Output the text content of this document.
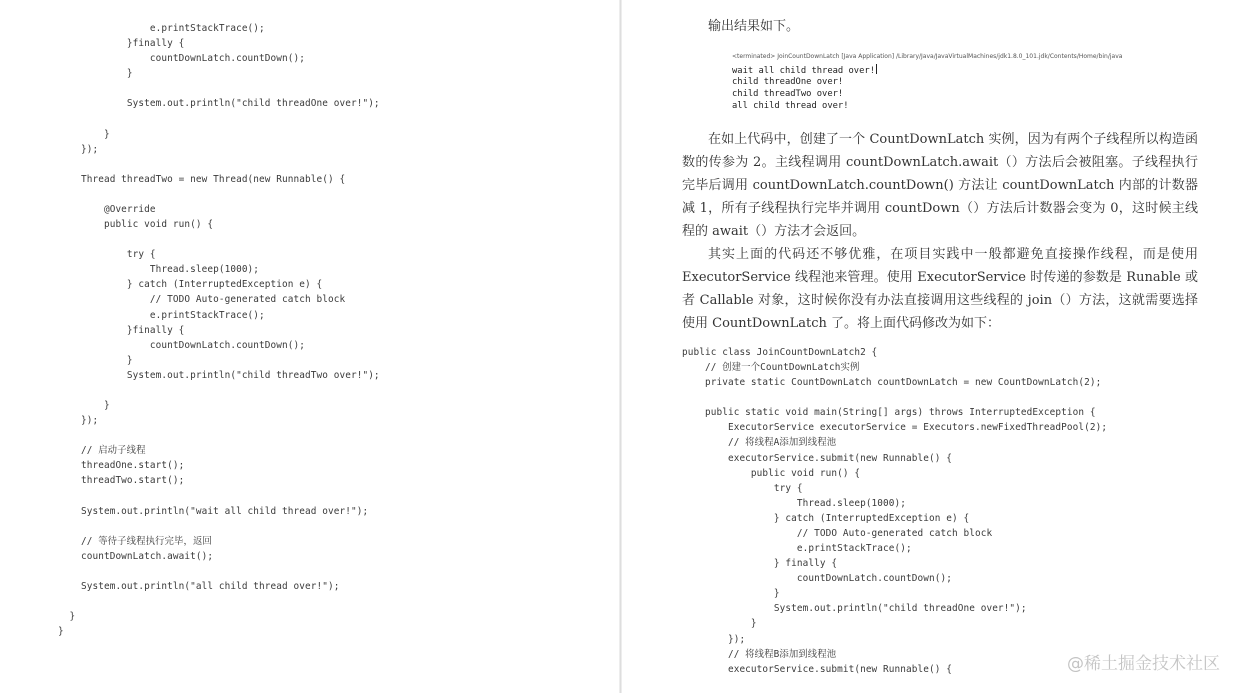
e.printStackTrace();
}finally {
countDownLatch.countDown();
}
System.out.println("child threadOne over!");
}
});
Thread threadTwo = new Thread(new Runnable() {
@Override
public void run() {
try {
Thread.sleep(1000);
} catch (InterruptedException e) {
// TODO Auto-generated catch block
e.printStackTrace();
}finally {
countDownLatch.countDown();
}
System.out.println("child threadTwo over!");
}
});
// 启动子线程
threadOne.start();
threadTwo.start();
System.out.println("wait all child thread over!");
// 等待子线程执行完毕，返回
countDownLatch.await();
System.out.println("all child thread over!");
}
}
输出结果如下。
<terminated> JoinCountDownLatch [Java Application] /Library/Java/JavaVirtualMachines/jdk1.8.0_101.jdk/Contents/Home/bin/java
wait all child thread over!
child threadOne over!
child threadTwo over!
all child thread over!

在如上代码中，创建了一个 CountDownLatch 实例，因为有两个子线程所以构造函数的传参为 2。主线程调用 countDownLatch.await（）方法后会被阻塞。子线程执行完毕后调用 countDownLatch.countDown() 方法让 countDownLatch 内部的计数器减 1，所有子线程执行完毕并调用 countDown（）方法后计数器会变为 0，这时候主线程的 await（）方法才会返回。

其实上面的代码还不够优雅，在项目实践中一般都避免直接操作线程，而是使用 ExecutorService 线程池来管理。使用 ExecutorService 时传递的参数是 Runable 或者 Callable 对象，这时候你没有办法直接调用这些线程的 join（）方法，这就需要选择使用 CountDownLatch 了。将上面代码修改为如下：

public class JoinCountDownLatch2 {
// 创建一个CountDownLatch实例
private static CountDownLatch countDownLatch = new CountDownLatch(2);
public static void main(String[] args) throws InterruptedException {
ExecutorService executorService = Executors.newFixedThreadPool(2);
// 将线程A添加到线程池
executorService.submit(new Runnable() {
public void run() {
try {
Thread.sleep(1000);
} catch (InterruptedException e) {
// TODO Auto-generated catch block
e.printStackTrace();
} finally {
countDownLatch.countDown();
}
System.out.println("child threadOne over!");
}
});
// 将线程B添加到线程池
executorService.submit(new Runnable() {	@稀土掘金技术社区
